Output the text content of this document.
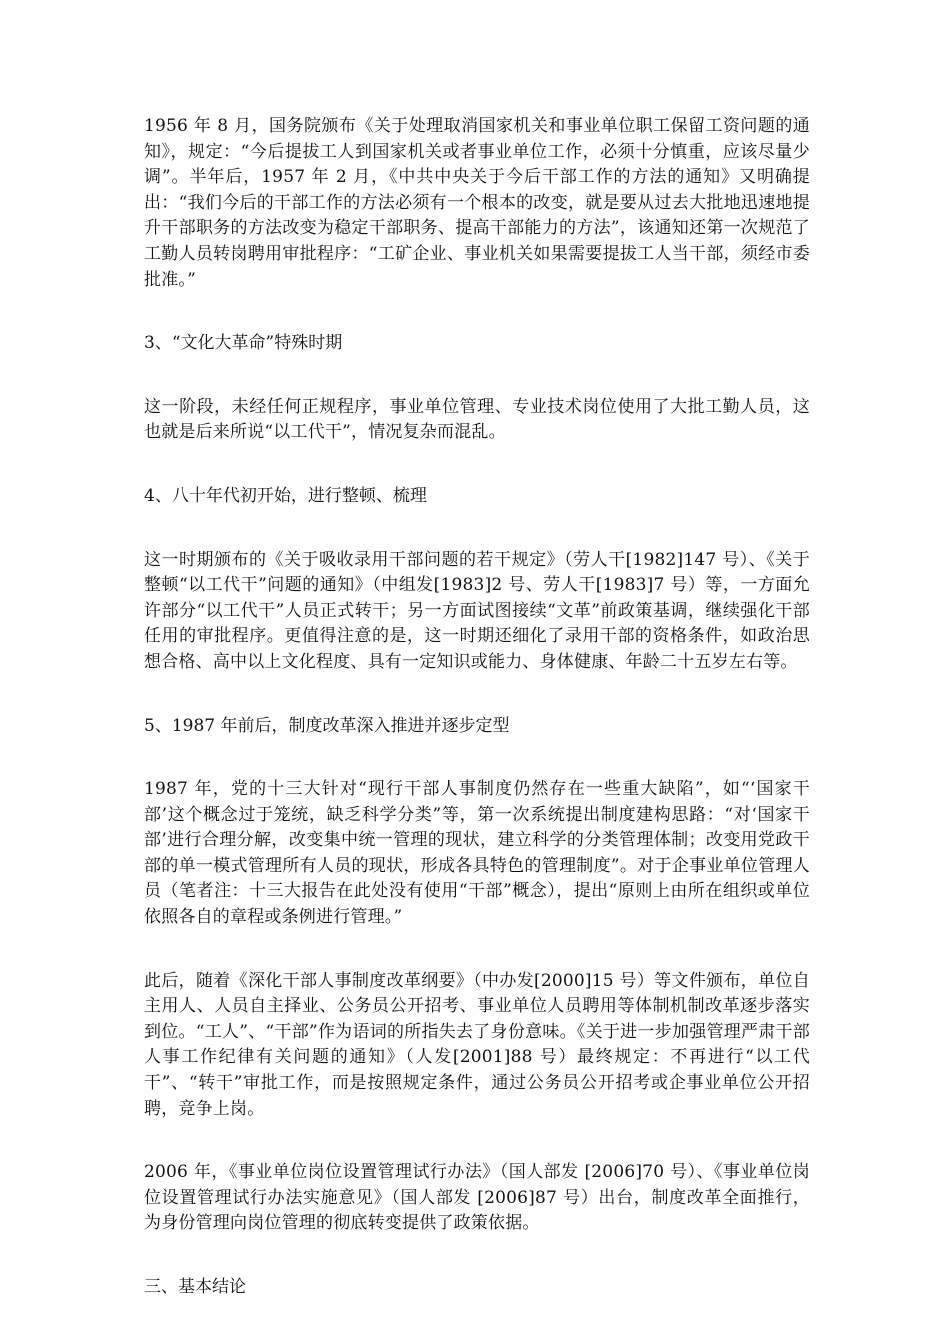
1956 年 8 月，国务院颁布《关于处理取消国家机关和事业单位职工保留工资问题的通知》，规定：“今后提拔工人到国家机关或者事业单位工作，必须十分慎重，应该尽量少调”。半年后，1957 年 2 月，《中共中央关于今后干部工作的方法的通知》又明确提出：“我们今后的干部工作的方法必须有一个根本的改变，就是要从过去大批地迅速地提升干部职务的方法改变为稳定干部职务、提高干部能力的方法”，该通知还第一次规范了工勤人员转岗聘用审批程序：“工矿企业、事业机关如果需要提拔工人当干部，须经市委批准。”

3、“文化大革命”特殊时期

这一阶段，未经任何正规程序，事业单位管理、专业技术岗位使用了大批工勤人员，这也就是后来所说“以工代干”，情况复杂而混乱。

4、八十年代初开始，进行整顿、梳理

这一时期颁布的《关于吸收录用干部问题的若干规定》（劳人干[1982]147 号）、《关于整顿“以工代干”问题的通知》（中组发[1983]2 号、劳人干[1983]7 号）等，一方面允许部分“以工代干”人员正式转干；另一方面试图接续“文革”前政策基调，继续强化干部任用的审批程序。更值得注意的是，这一时期还细化了录用干部的资格条件，如政治思想合格、高中以上文化程度、具有一定知识或能力、身体健康、年龄二十五岁左右等。

5、1987 年前后，制度改革深入推进并逐步定型

1987 年，党的十三大针对“现行干部人事制度仍然存在一些重大缺陷”，如“‘国家干部’这个概念过于笼统，缺乏科学分类”等，第一次系统提出制度建构思路：“对‘国家干部’进行合理分解，改变集中统一管理的现状，建立科学的分类管理体制；改变用党政干部的单一模式管理所有人员的现状，形成各具特色的管理制度”。对于企事业单位管理人员（笔者注：十三大报告在此处没有使用“干部”概念），提出“原则上由所在组织或单位依照各自的章程或条例进行管理。”

此后，随着《深化干部人事制度改革纲要》（中办发[2000]15 号）等文件颁布，单位自主用人、人员自主择业、公务员公开招考、事业单位人员聘用等体制机制改革逐步落实到位。“工人”、“干部”作为语词的所指失去了身份意味。《关于进一步加强管理严肃干部人事工作纪律有关问题的通知》（人发[2001]88 号）最终规定：不再进行“以工代干”、“转干”审批工作，而是按照规定条件，通过公务员公开招考或企事业单位公开招聘，竞争上岗。

2006 年，《事业单位岗位设置管理试行办法》（国人部发 [2006]70 号）、《事业单位岗位设置管理试行办法实施意见》（国人部发 [2006]87 号）出台，制度改革全面推行，为身份管理向岗位管理的彻底转变提供了政策依据。

三、基本结论
